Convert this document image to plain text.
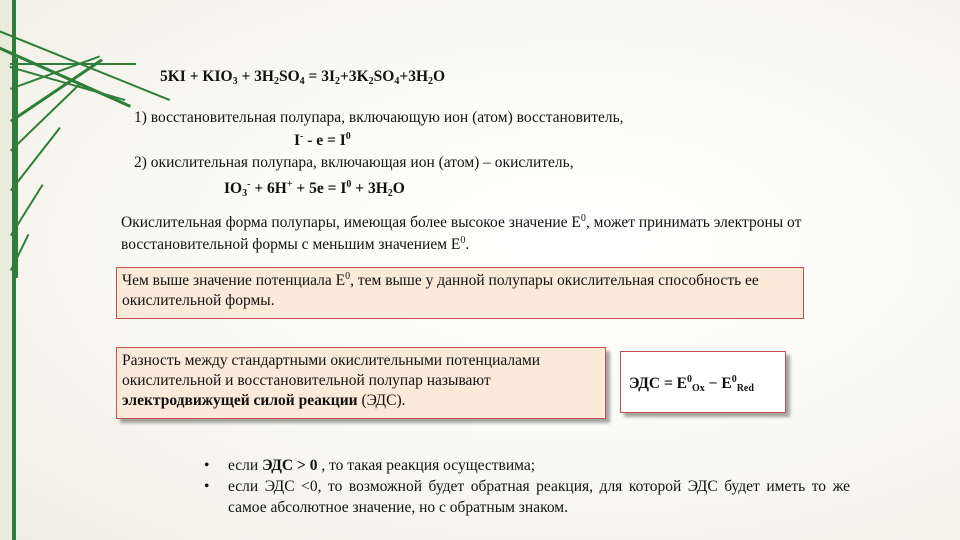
$5KI + KIO_3 + 3H_2SO_4 = 3I_2+3K_2SO_4+3H_2O$
1) восстановительная полупара, включающую ион (атом) восстановитель,
$I^- - e = I^0$
2) окислительная полупара, включающая ион (атом) – окислитель,
$IO_3^- + 6H^+ + 5e = I^0 + 3H_2O$
Окислительная форма полупары, имеющая более высокое значение $E^0$, может принимать электроны от восстановительной формы с меньшим значением $E^0$.
Чем выше значение потенциала $E^0$, тем выше у данной полупары окислительная способность ее окислительной формы.
Разность между стандартными окислительными потенциалами окислительной и восстановительной полупар называют электродвижущей силой реакции (ЭДС).
ЭДС = $E^0_{Ox} - E^0_{Red}$
• если ЭДС > 0 , то такая реакция осуществима;
• если ЭДС <0, то возможной будет обратная реакция, для которой ЭДС будет иметь то же самое абсолютное значение, но с обратным знаком.
